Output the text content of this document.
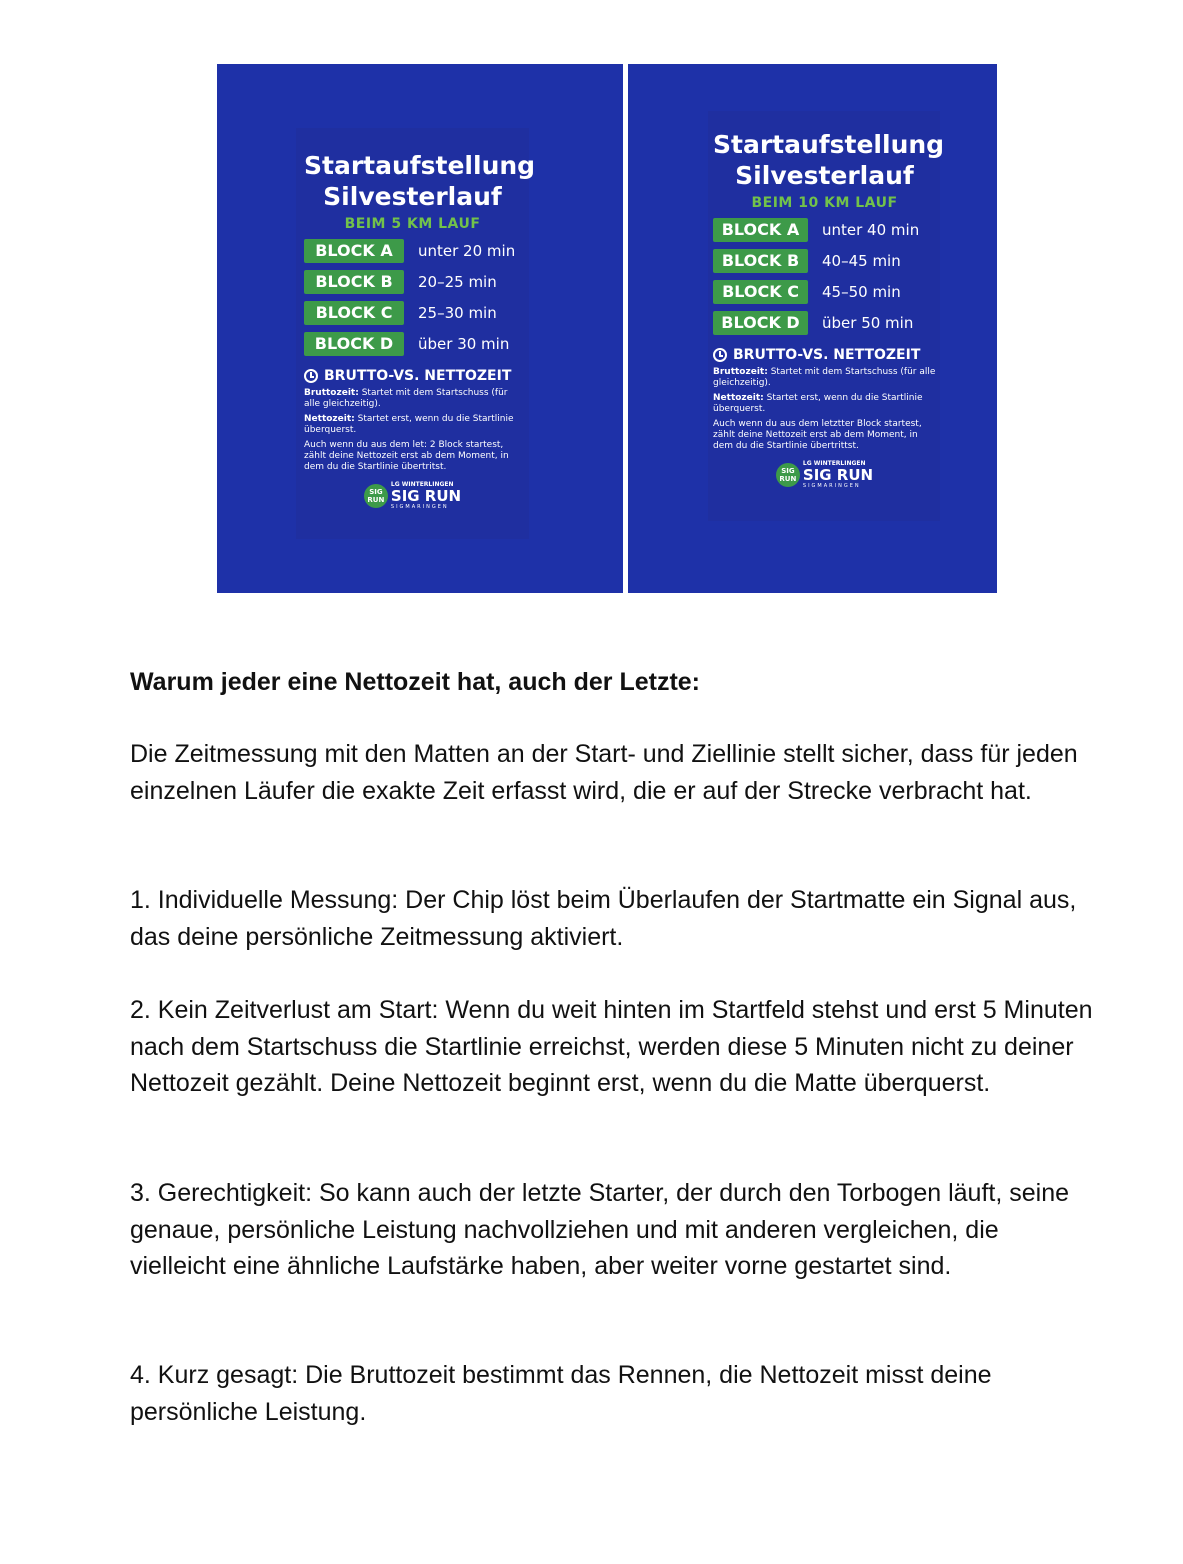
Startaufstellung
Silvesterlauf
BEIM 5 KM LAUF
BLOCK A	unter 20 min
BLOCK B	20–25 min
BLOCK C	25–30 min
BLOCK D	über 30 min
BRUTTO-VS. NETTOZEIT
Bruttozeit: Startet mit dem Startschuss (für alle gleichzeitig).
Nettozeit: Startet erst, wenn du die Startlinie überquerst.
Auch wenn du aus dem let: 2 Block startest, zählt deine Nettozeit erst ab dem Moment, in dem du die Startlinie übertritst.
SIG RUN
LG WINTERLINGEN
SIG RUN
SIGMARINGEN
Startaufstellung
Silvesterlauf
BEIM 10 KM LAUF
BLOCK A	unter 40 min
BLOCK B	40–45 min
BLOCK C	45–50 min
BLOCK D	über 50 min
BRUTTO-VS. NETTOZEIT
Bruttozeit: Startet mit dem Startschuss (für alle gleichzeitig).
Nettozeit: Startet erst, wenn du die Startlinie überquerst.
Auch wenn du aus dem letztter Block startest, zählt deine Nettozeit erst ab dem Moment, in dem du die Startlinie übertrittst.
SIG RUN
LG WINTERLINGEN
SIG RUN
SIGMARINGEN
Warum jeder eine Nettozeit hat, auch der Letzte:

Die Zeitmessung mit den Matten an der Start- und Ziellinie stellt sicher, dass für jeden einzelnen Läufer die exakte Zeit erfasst wird, die er auf der Strecke verbracht hat.

1. Individuelle Messung: Der Chip löst beim Überlaufen der Startmatte ein Signal aus, das deine persönliche Zeitmessung aktiviert.

2. Kein Zeitverlust am Start: Wenn du weit hinten im Startfeld stehst und erst 5 Minuten nach dem Startschuss die Startlinie erreichst, werden diese 5 Minuten nicht zu deiner Nettozeit gezählt. Deine Nettozeit beginnt erst, wenn du die Matte überquerst.

3. Gerechtigkeit: So kann auch der letzte Starter, der durch den Torbogen läuft, seine genaue, persönliche Leistung nachvollziehen und mit anderen vergleichen, die vielleicht eine ähnliche Laufstärke haben, aber weiter vorne gestartet sind.

4. Kurz gesagt: Die Bruttozeit bestimmt das Rennen, die Nettozeit misst deine persönliche Leistung.
